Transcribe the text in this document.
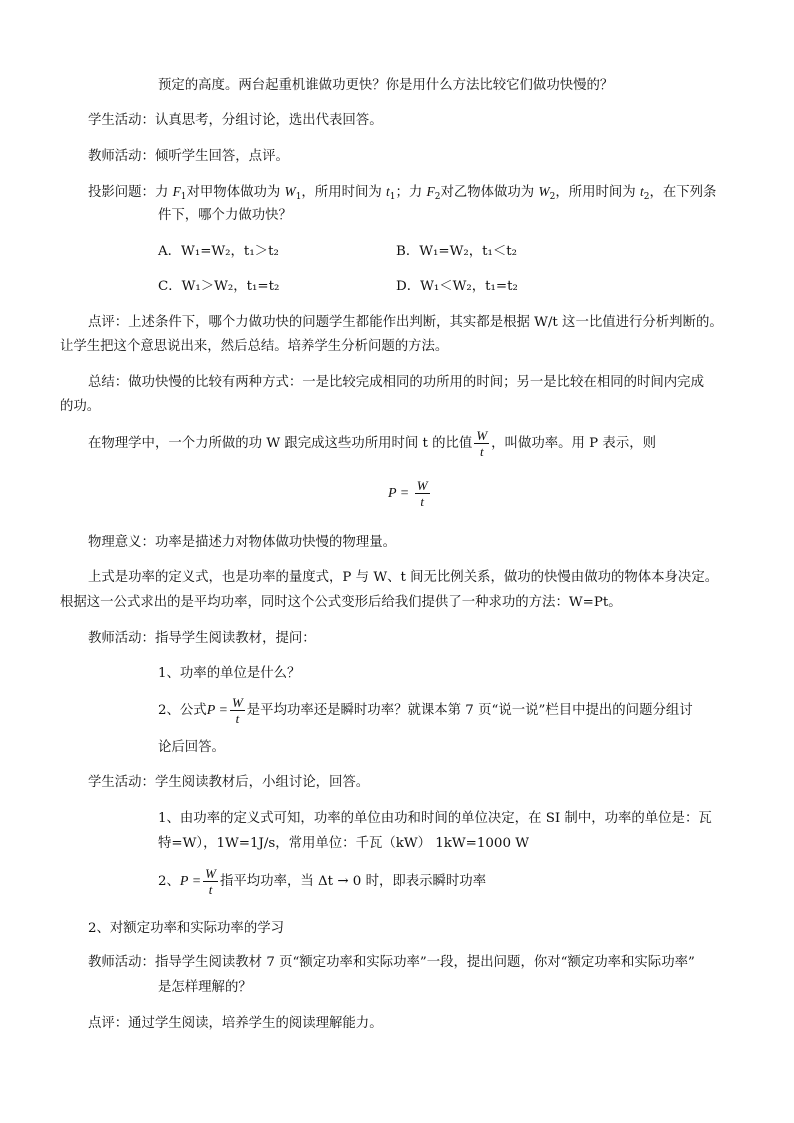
预定的高度。两台起重机谁做功更快？你是用什么方法比较它们做功快慢的？
学生活动：认真思考，分组讨论，选出代表回答。
教师活动：倾听学生回答，点评。
投影问题：力 $F_1$对甲物体做功为 $W_1$，所用时间为 $t_1$；力 $F_2$对乙物体做功为 $W_2$，所用时间为 $t_2$，在下列条
件下，哪个力做功快？
A．W₁=W₂，t₁＞t₂	B．W₁=W₂，t₁＜t₂
C．W₁＞W₂，t₁=t₂	D．W₁＜W₂，t₁=t₂
点评：上述条件下，哪个力做功快的问题学生都能作出判断，其实都是根据 W/t 这一比值进行分析判断的。
让学生把这个意思说出来，然后总结。培养学生分析问题的方法。
总结：做功快慢的比较有两种方式：一是比较完成相同的功所用的时间；另一是比较在相同的时间内完成
的功。
在物理学中，一个力所做的功 W 跟完成这些功所用时间 t 的比值 $\frac{W}{t}$ ，叫做功率。用 P 表示，则
$P = \frac{W}{t}$
物理意义：功率是描述力对物体做功快慢的物理量。
上式是功率的定义式，也是功率的量度式，P 与 W、t 间无比例关系，做功的快慢由做功的物体本身决定。
根据这一公式求出的是平均功率，同时这个公式变形后给我们提供了一种求功的方法：W=Pt。
教师活动：指导学生阅读教材，提问：
1、功率的单位是什么？
2、公式$P = \frac{W}{t}$ 是平均功率还是瞬时功率？就课本第 7 页“说一说”栏目中提出的问题分组讨
论后回答。
学生活动：学生阅读教材后，小组讨论，回答。
1、由功率的定义式可知，功率的单位由功和时间的单位决定，在 SI 制中，功率的单位是：瓦
特=W），1W=1J/s，常用单位：千瓦（kW） 1kW=1000 W
2、$P = \frac{W}{t}$ 指平均功率，当 Δt → 0 时，即表示瞬时功率
2、对额定功率和实际功率的学习
教师活动：指导学生阅读教材 7 页“额定功率和实际功率”一段，提出问题，你对“额定功率和实际功率”
是怎样理解的？
点评：通过学生阅读，培养学生的阅读理解能力。
